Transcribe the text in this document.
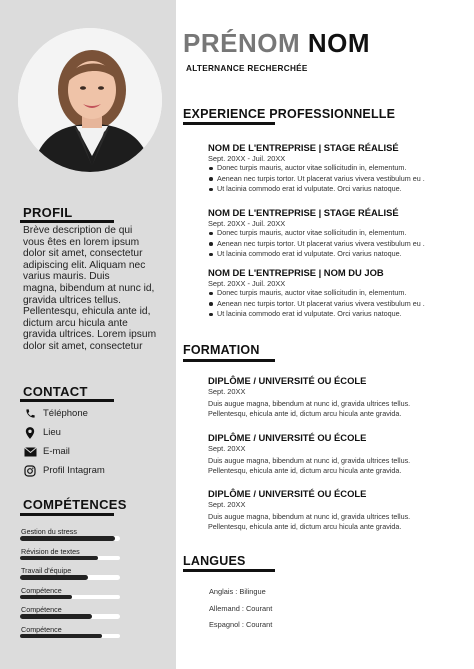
PROFIL
Brève description de qui
vous êtes en lorem ipsum
dolor sit amet, consectetur
adipiscing elit. Aliquam nec
varius mauris. Duis
magna, bibendum at nunc id,
gravida ultrices tellus.
Pellentesqu, ehicula ante id,
dictum arcu hicula ante
gravida ultrices. Lorem ipsum
dolor sit amet, consectetur
CONTACT
Téléphone
Lieu
E-mail
Profil Intagram
COMPÉTENCES
Gestion du stress
Révision de textes
Travail d'équipe
Compétence
Compétence
Compétence
PRÉNOM NOM
ALTERNANCE RECHERCHÉE
EXPERIENCE PROFESSIONNELLE
NOM DE L'ENTREPRISE | STAGE RÉALISÉ
Sept. 20XX - Juil. 20XX
Donec turpis mauris, auctor vitae sollicitudin in, elementum.
Aenean nec turpis tortor. Ut placerat varius vivera vestibulum eu .
Ut lacinia commodo erat id vulputate. Orci varius natoque.
NOM DE L'ENTREPRISE | STAGE RÉALISÉ
Sept. 20XX - Juil. 20XX
Donec turpis mauris, auctor vitae sollicitudin in, elementum.
Aenean nec turpis tortor. Ut placerat varius vivera vestibulum eu .
Ut lacinia commodo erat id vulputate. Orci varius natoque.
NOM DE L'ENTREPRISE | NOM DU JOB
Sept. 20XX - Juil. 20XX
Donec turpis mauris, auctor vitae sollicitudin in, elementum.
Aenean nec turpis tortor. Ut placerat varius vivera vestibulum eu .
Ut lacinia commodo erat id vulputate. Orci varius natoque.
FORMATION
DIPLÔME / UNIVERSITÉ OU ÉCOLE
Sept. 20XX
Duis augue magna, bibendum at nunc id, gravida ultrices tellus.
Pellentesqu, ehicula ante id, dictum arcu hicula ante gravida.
DIPLÔME / UNIVERSITÉ OU ÉCOLE
Sept. 20XX
Duis augue magna, bibendum at nunc id, gravida ultrices tellus.
Pellentesqu, ehicula ante id, dictum arcu hicula ante gravida.
DIPLÔME / UNIVERSITÉ OU ÉCOLE
Sept. 20XX
Duis augue magna, bibendum at nunc id, gravida ultrices tellus.
Pellentesqu, ehicula ante id, dictum arcu hicula ante gravida.
LANGUES
Anglais : Bilingue
Allemand : Courant
Espagnol : Courant
